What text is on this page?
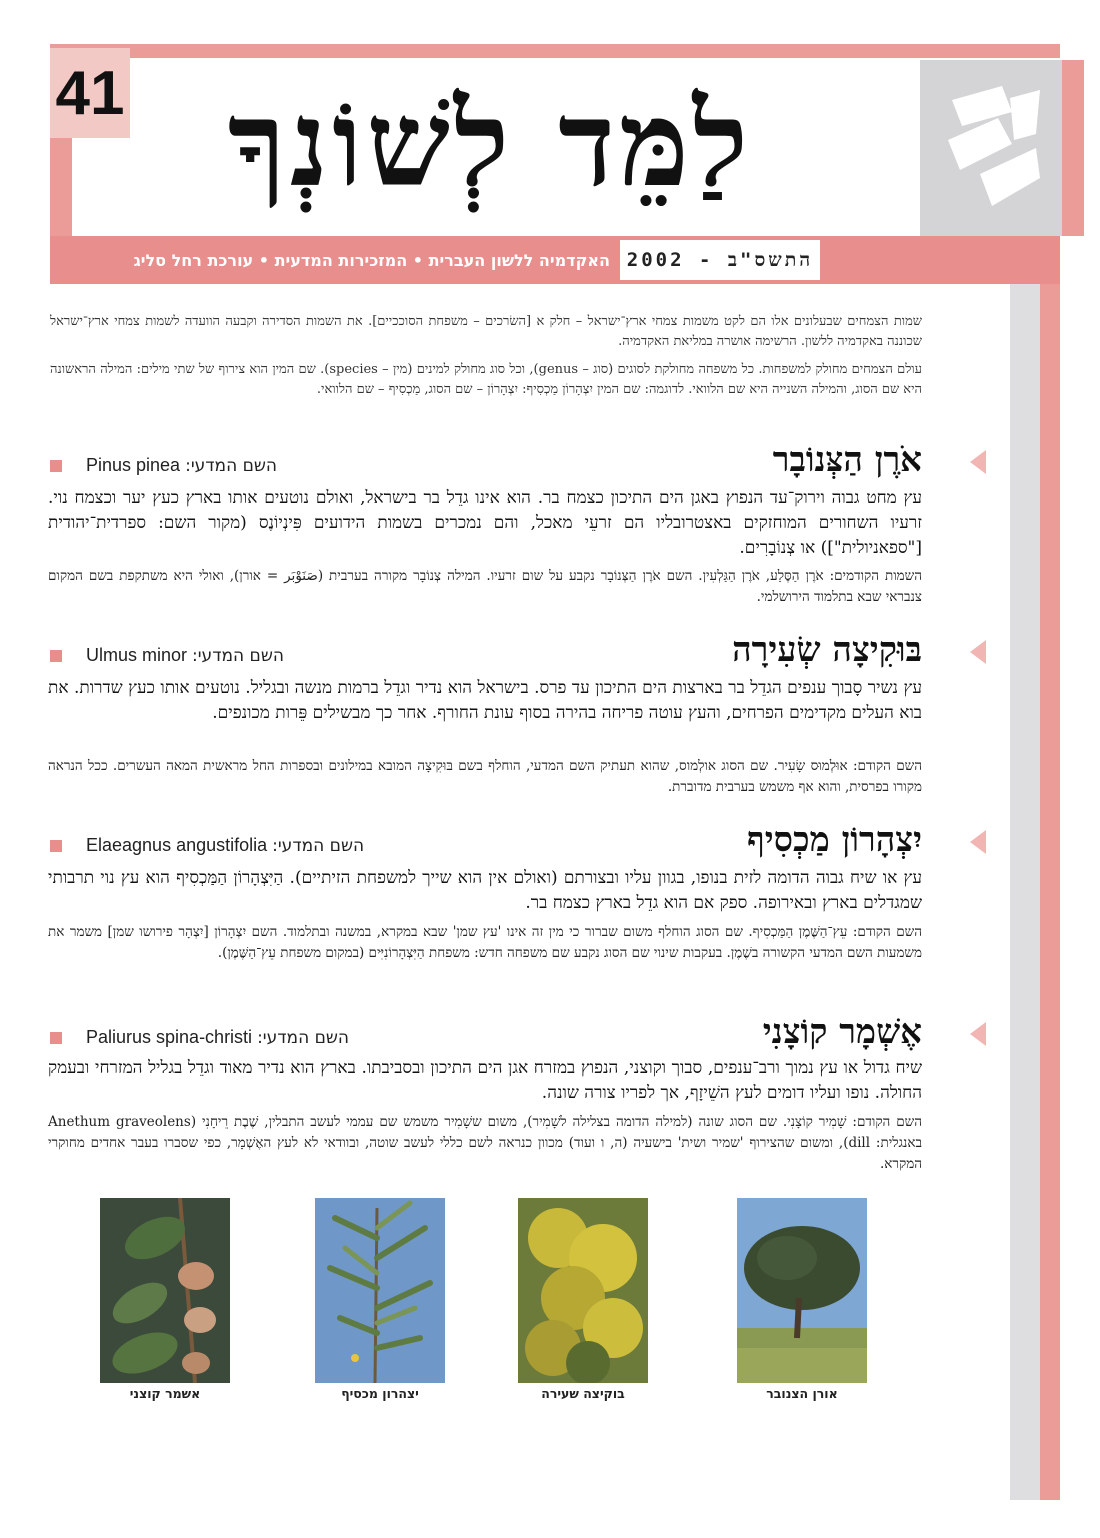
41 לַמֵּד לְשׁוֹנְךָ
התשס"ב - 2002
האקדמיה ללשון העברית • המזכירות המדעית • עורכת רחל סליג
שמות הצמחים שבעלונים אלו הם לקט משמות צמחי ארץ־ישראל – חלק א [השׂרכים – משפחת הסוככיים]. את השמות הסדירה וקבעה הוועדה לשמות צמחי ארץ־ישראל שכוננה באקדמיה ללשון. הרשימה אושרה במליאת האקדמיה.
עולם הצמחים מחולק למשפחות. כל משפחה מחולקת לסוגים (סוג – genus), וכל סוג מחולק למינים (מין – species). שם המין הוא צירוף של שתי מילים: המילה הראשונה היא שם הסוג, והמילה השנייה היא שם הלוואי. לדוגמה: שם המין יִצְהָרוֹן מַכְסִיף: יִצְהָרוֹן – שם הסוג, מַכְסִיף – שם הלוואי.
אֹרֶן הַצְּנוֹבָר
השם המדעי: Pinus pinea
עץ מחט גבוה וירוק־עד הנפוץ באגן הים התיכון כצמח בר. הוא אינו גדֵל בר בישראל, ואולם נוטעים אותו בארץ כעץ יער וכצמח נוי. זרעיו השחורים המוחזקים באצטרובליו הם זרעֵי מאכל, והם נמכרים בשמות הידועים פִּינְיוֹנֶס (מקור השם: ספרדית־יהודית ["ספאניולית"]) או צְנוֹבָרִים.
השמות הקודמים: אֹרֶן הַסֶּלַע, אֹרֶן הַגַּלְעִין. השם אֹרֶן הַצְּנוֹבָר נקבע על שום זרעיו. המילה צְנוֹבָר מקורה בערבית (صَنَوْبَر = אורן), ואולי היא משתקפת בשם המקום צנבראי שבא בתלמוד הירושלמי.
בּוּקִיצָה שְׂעִירָה
השם המדעי: Ulmus minor
עץ נשיר סָבוך ענפים הגדֵל בר בארצות הים התיכון עד פרס. בישראל הוא נדיר וגדֵל ברמות מנשה ובגליל. נוטעים אותו כעץ שדרות. את בוא העלים מקדימים הפרחים, והעץ עוטה פריחה בהירה בסוף עונת החורף. אחר כך מבשילים פֵּרות מכונפים.
השם הקודם: אוּלְמוּס שָׂעִיר. שם הסוג אולְמוס, שהוא תעתיק השם המדעי, הוחלף בשם בּוּקִיצָה המובא במילונים ובספרות החל מראשית המאה העשרים. ככל הנראה מקורו בפרסית, והוא אף משמש בערבית מדוברת.
יִצְהָרוֹן מַכְסִיף
השם המדעי: Elaeagnus angustifolia
עץ או שיח גבוה הדומה לזית בנופו, בגוון עליו ובצורתם (ואולם אין הוא שייך למשפחת הזיתיים). הַיִּצְהָרוֹן הַמַּכְסִיף הוא עץ נוי תרבותי שמגדלים בארץ ובאירופה. ספק אם הוא גדֵל בארץ כצמח בר.
השם הקודם: עֵץ־הַשֶּׁמֶן הַמַּכְסִיף. שם הסוג הוחלף משום שברור כי מין זה אינו 'עץ שמן' שבא במקרא, במשנה ובתלמוד. השם יִצְהָרוֹן [יִצְהָר פירושו שמן] משמר את משמעות השם המדעי הקשורה בשֶׁמֶן. בעקבות שינוי שם הסוג נקבע שם משפחה חדש: משפחת הַיִּצְהָרוֹנִיִּים (במקום משפחת עֵץ־הַשֶּׁמֶן).
אֶשְׁמָר קוֹצָנִי
השם המדעי: Paliurus spina-christi
שיח גדול או עץ נמוך ורב־ענפים, סבוך וקוצני, הנפוץ במזרח אגן הים התיכון ובסביבתו. בארץ הוא נדיר מאוד וגדֵל בגליל המזרחי ובעמק החולה. נופו ועליו דומים לעץ השֵׁיזָף, אך לפריו צורה שונה.
השם הקודם: שָׁמִיר קוֹצָנִי. שם הסוג שונה (למילה הדומה בצלילה לשָׁמִיר), משום ששָׁמִיר משמש שם עממי לעשב התבלין, שֶׁבֶת רֵיחָנִי (Anethum graveolens באנגלית: dill), ומשום שהצירוף 'שמיר ושית' בישעיה (ה, ו ועוד) מכוון כנראה לשם כללי לעשב שוטה, ובוודאי לא לעץ האֶשְׁמָר, כפי שסברו בעבר אחדים מחוקרי המקרא.
אשמר קוצני	יצהרון מכסיף	בוקיצה שעירה	אורן הצנובר
